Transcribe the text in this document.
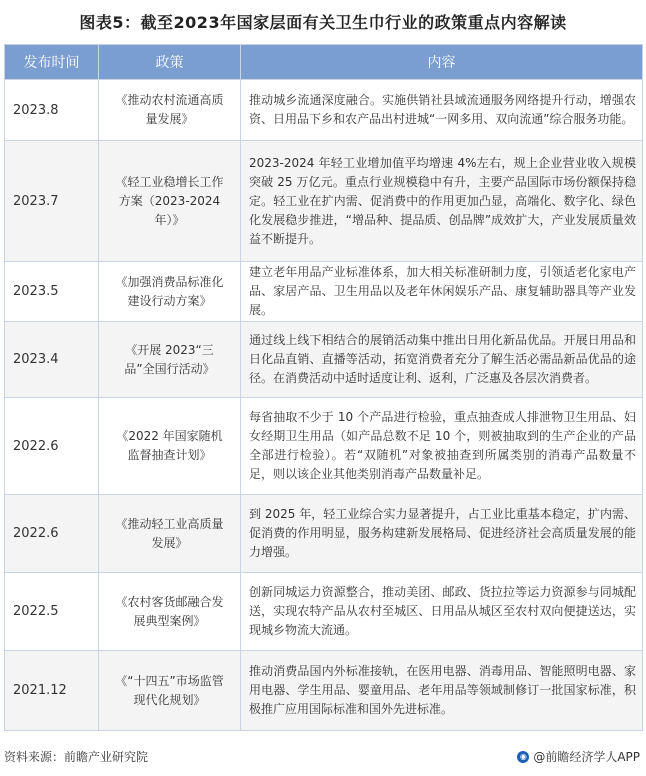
图表5：截至2023年国家层面有关卫生巾行业的政策重点内容解读
发布时间	政策	内容
2023.8	《推动农村流通高质量发展》	推动城乡流通深度融合。实施供销社县域流通服务网络提升行动，增强农资、日用品下乡和农产品出村进城“一网多用、双向流通”综合服务功能。
2023.7	《轻工业稳增长工作方案（2023-2024 年）》	2023-2024 年轻工业增加值平均增速 4%左右，规上企业营业收入规模突破 25 万亿元。重点行业规模稳中有升，主要产品国际市场份额保持稳定。轻工业在扩内需、促消费中的作用更加凸显，高端化、数字化、绿色化发展稳步推进，“增品种、提品质、创品牌”成效扩大，产业发展质量效益不断提升。
2023.5	《加强消费品标准化建设行动方案》	建立老年用品产业标准体系，加大相关标准研制力度，引领适老化家电产品、家居产品、卫生用品以及老年休闲娱乐产品、康复辅助器具等产业发展。
2023.4	《开展 2023“三品”全国行活动》	通过线上线下相结合的展销活动集中推出日用化新品优品。开展日用品和日化品直销、直播等活动，拓宽消费者充分了解生活必需品新品优品的途径。在消费活动中适时适度让利、返利，广泛惠及各层次消费者。
2022.6	《2022 年国家随机监督抽查计划》	每省抽取不少于 10 个产品进行检验，重点抽查成人排泄物卫生用品、妇女经期卫生用品（如产品总数不足 10 个，则被抽取到的生产企业的产品全部进行检验）。若“双随机”对象被抽查到所属类别的消毒产品数量不足，则以该企业其他类别消毒产品数量补足。
2022.6	《推动轻工业高质量发展》	到 2025 年，轻工业综合实力显著提升，占工业比重基本稳定，扩内需、促消费的作用明显，服务构建新发展格局、促进经济社会高质量发展的能力增强。
2022.5	《农村客货邮融合发展典型案例》	创新同城运力资源整合，推动美团、邮政、货拉拉等运力资源参与同城配送，实现农特产品从农村至城区、日用品从城区至农村双向便捷送达，实现城乡物流大流通。
2021.12	《“十四五”市场监管现代化规划》	推动消费品国内外标准接轨，在医用电器、消毒用品、智能照明电器、家用电器、学生用品、婴童用品、老年用品等领域制修订一批国家标准，积极推广应用国际标准和国外先进标准。
资料来源：前瞻产业研究院	◉ @前瞻经济学人APP
